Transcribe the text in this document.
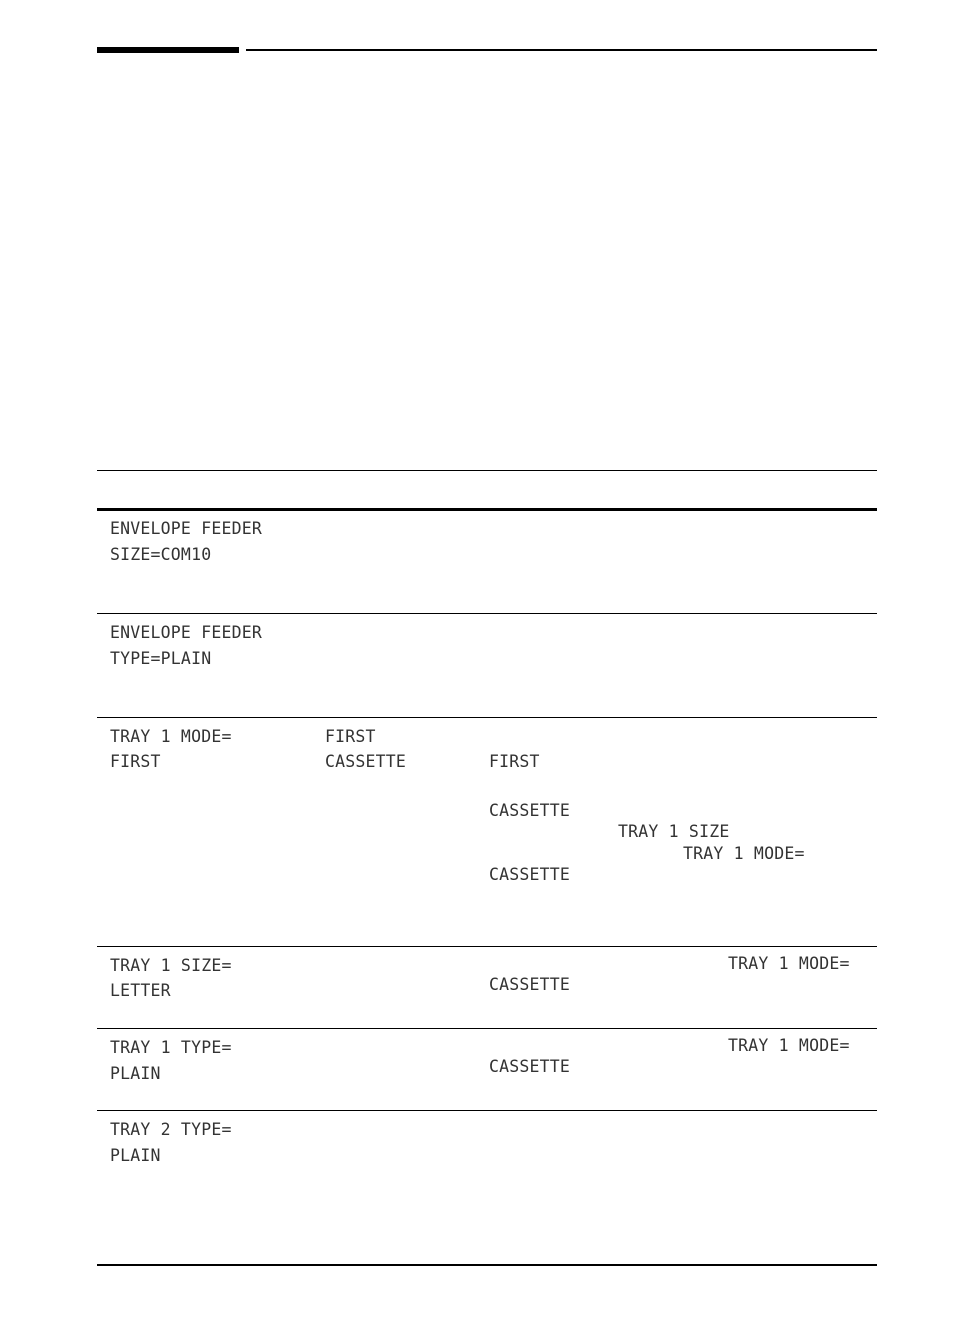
ENVELOPE FEEDER
SIZE=COM10
ENVELOPE FEEDER
TYPE=PLAIN
TRAY 1 MODE=
FIRST
FIRST
CASSETTE	FIRST
CASSETTE
TRAY 1 SIZE
TRAY 1 MODE=
CASSETTE
TRAY 1 SIZE=
LETTER
TRAY 1 MODE=
CASSETTE
TRAY 1 TYPE=
PLAIN
TRAY 1 MODE=
CASSETTE
TRAY 2 TYPE=
PLAIN
